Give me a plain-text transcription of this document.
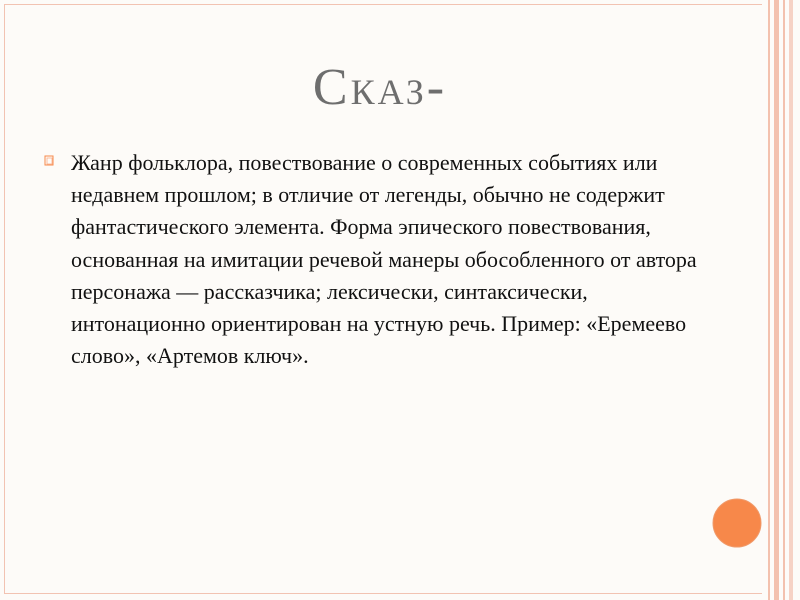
Сказ-
Жанр фольклора, повествование о современных событиях или недавнем прошлом; в отличие от легенды, обычно не содержит фантастического элемента. Форма эпического повествования, основанная на имитации речевой манеры обособленного от автора персонажа — рассказчика; лексически, синтаксически, интонационно ориентирован на устную речь. Пример: «Еремеево слово», «Артемов ключ».
